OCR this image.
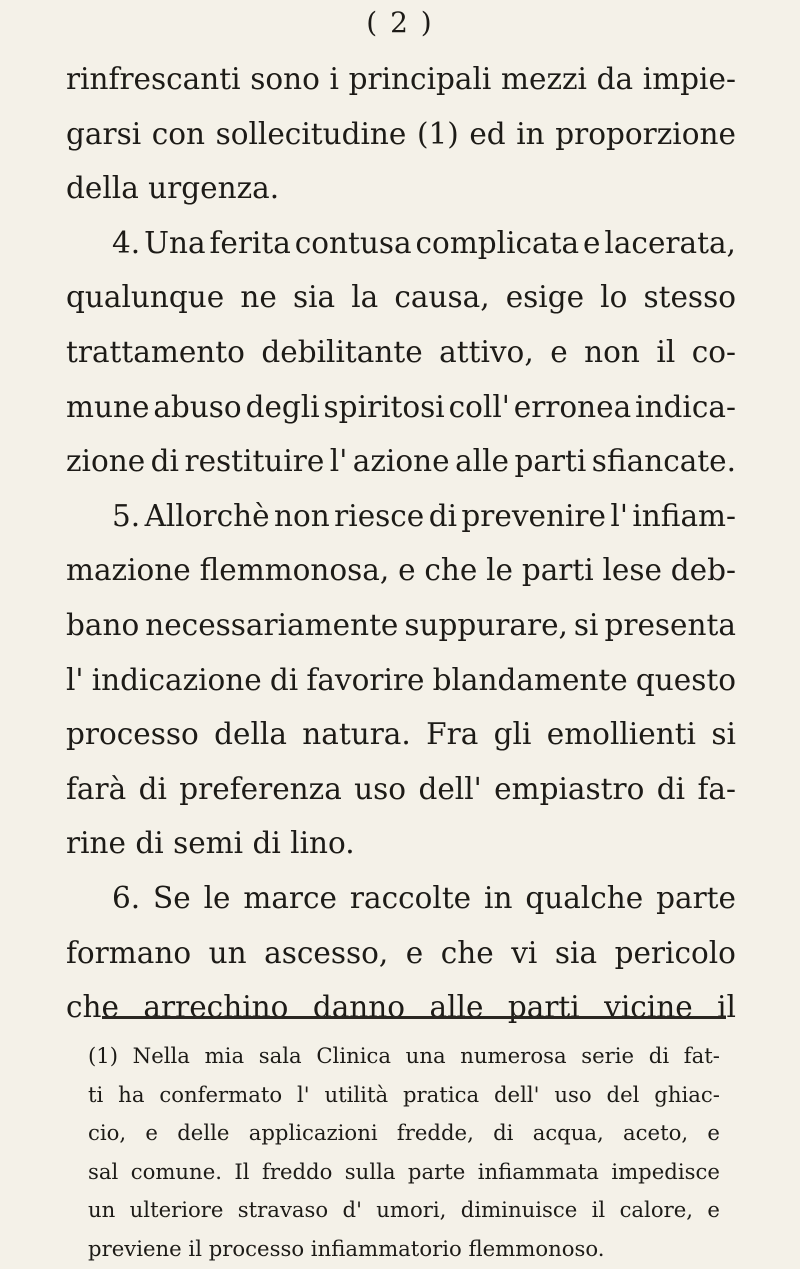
( 2 )
rinfrescanti sono i principali mezzi da impie-
garsi con sollecitudine (1) ed in proporzione
della urgenza.
4. Una ferita contusa complicata e lacerata,
qualunque ne sia la causa, esige lo stesso
trattamento debilitante attivo, e non il co-
mune abuso degli spiritosi coll' erronea indica-
zione di restituire l' azione alle parti sfiancate.
5. Allorchè non riesce di prevenire l' infiam-
mazione flemmonosa, e che le parti lese deb-
bano necessariamente suppurare, si presenta
l' indicazione di favorire blandamente questo
processo della natura. Fra gli emollienti si
farà di preferenza uso dell' empiastro di fa-
rine di semi di lino.
6. Se le marce raccolte in qualche parte
formano un ascesso, e che vi sia pericolo
che arrechino danno alle parti vicine il
(1) Nella mia sala Clinica una numerosa serie di fat-
ti ha confermato l' utilità pratica dell' uso del ghiac-
cio, e delle applicazioni fredde, di acqua, aceto, e
sal comune. Il freddo sulla parte infiammata impedisce
un ulteriore stravaso d' umori, diminuisce il calore, e
previene il processo infiammatorio flemmonoso.
